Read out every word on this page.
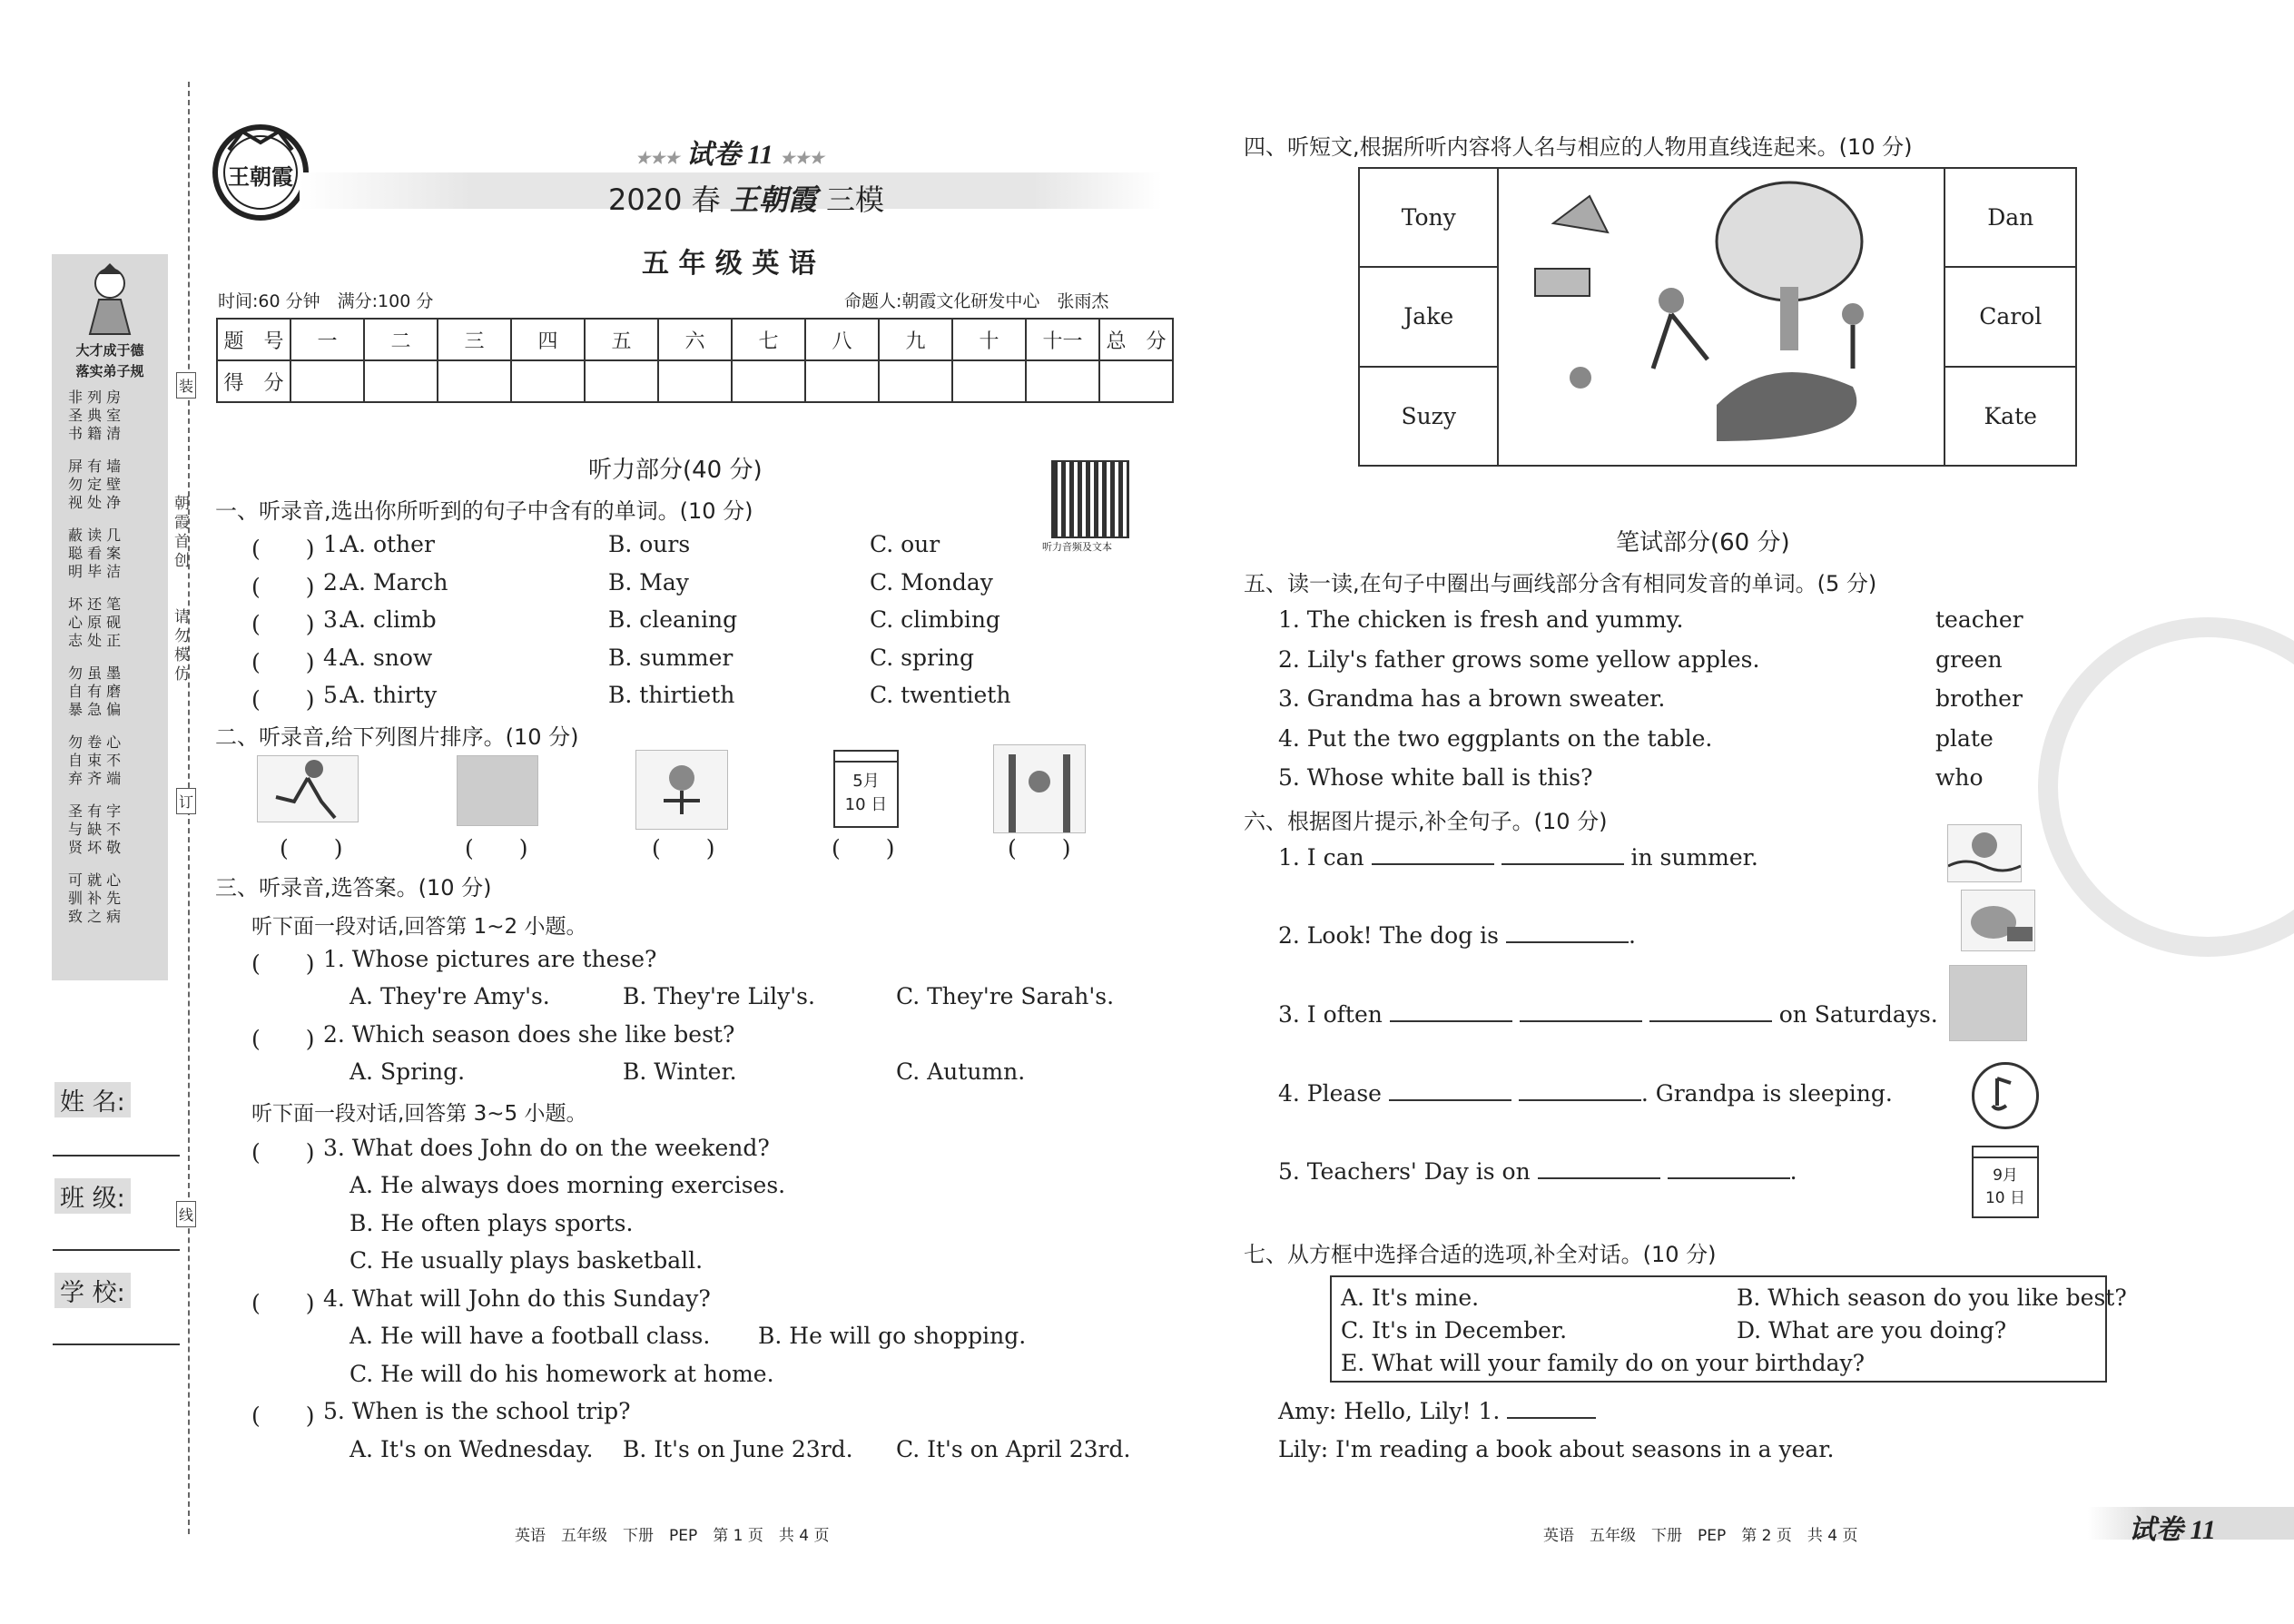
大才成于德
落实弟子规
非 列 房
圣 典 室
书 籍 清
屏 有 墙
勿 定 壁
视 处 净
蔽 读 几
聪 看 案
明 毕 洁
坏 还 笔
心 原 砚
志 处 正
勿 虽 墨
自 有 磨
暴 急 偏
勿 卷 心
自 束 不
弃 齐 端
圣 有 字
与 缺 不
贤 坏 敬
可 就 心
驯 补 先
致 之 病
朝霞首创
请勿模仿
装
订
线
姓 名:
班 级:
学 校:
王朝霞
★★★ 试卷 11 ★★★
2020 春 王朝霞 三模
五 年 级 英 语
时间:60 分钟　满分:100 分	命题人:朝霞文化研发中心　张雨杰
题　号	一	二	三	四	五	六	七	八	九	十	十一	总　分
得　分												
听力部分(40 分)
听力音频及文本
一、听录音,选出你所听到的句子中含有的单词。(10 分)
(　　) 1.
A. other	B. ours	C. our
(　　) 2.
A. March	B. May	C. Monday
(　　) 3.
A. climb	B. cleaning	C. climbing
(　　) 4.
A. snow	B. summer	C. spring
(　　) 5.
A. thirty	B. thirtieth	C. twentieth
二、听录音,给下列图片排序。(10 分)
5月
10 日
(　　)	(　　)	(　　)	(　　)	(　　)
三、听录音,选答案。(10 分)
听下面一段对话,回答第 1~2 小题。
(　　) 1. Whose pictures are these?
A. They're Amy's.	B. They're Lily's.	C. They're Sarah's.
(　　) 2. Which season does she like best?
A. Spring.	B. Winter.	C. Autumn.
听下面一段对话,回答第 3~5 小题。
(　　) 3. What does John do on the weekend?
A. He always does morning exercises.
B. He often plays sports.
C. He usually plays basketball.
(　　) 4. What will John do this Sunday?
A. He will have a football class. B. He will go shopping.
C. He will do his homework at home.
(　　) 5. When is the school trip?
A. It's on Wednesday. B. It's on June 23rd. C. It's on April 23rd.
英语　五年级　下册　PEP　第 1 页　共 4 页
四、听短文,根据所听内容将人名与相应的人物用直线连起来。(10 分)
Tony		Dan
Jake		Carol
Suzy		Kate
笔试部分(60 分)
五、读一读,在句子中圈出与画线部分含有相同发音的单词。(5 分)
1. The chicken is fresh and yummy.	teacher
2. Lily's father grows some yellow apples.	green
3. Grandma has a brown sweater.	brother
4. Put the two eggplants on the table.	plate
5. Whose white ball is this?	who
六、根据图片提示,补全句子。(10 分)
1. I can	in summer.
2. Look! The dog is	.
3. I often	on Saturdays.
4. Please	. Grandpa is sleeping.
5. Teachers' Day is on	.	9月
10 日
七、从方框中选择合适的选项,补全对话。(10 分)
A. It's mine.	B. Which season do you like best?
C. It's in December.	D. What are you doing?
E. What will your family do on your birthday?
Amy: Hello, Lily! 1.
Lily: I'm reading a book about seasons in a year.
英语　五年级　下册　PEP　第 2 页　共 4 页	试卷 11
